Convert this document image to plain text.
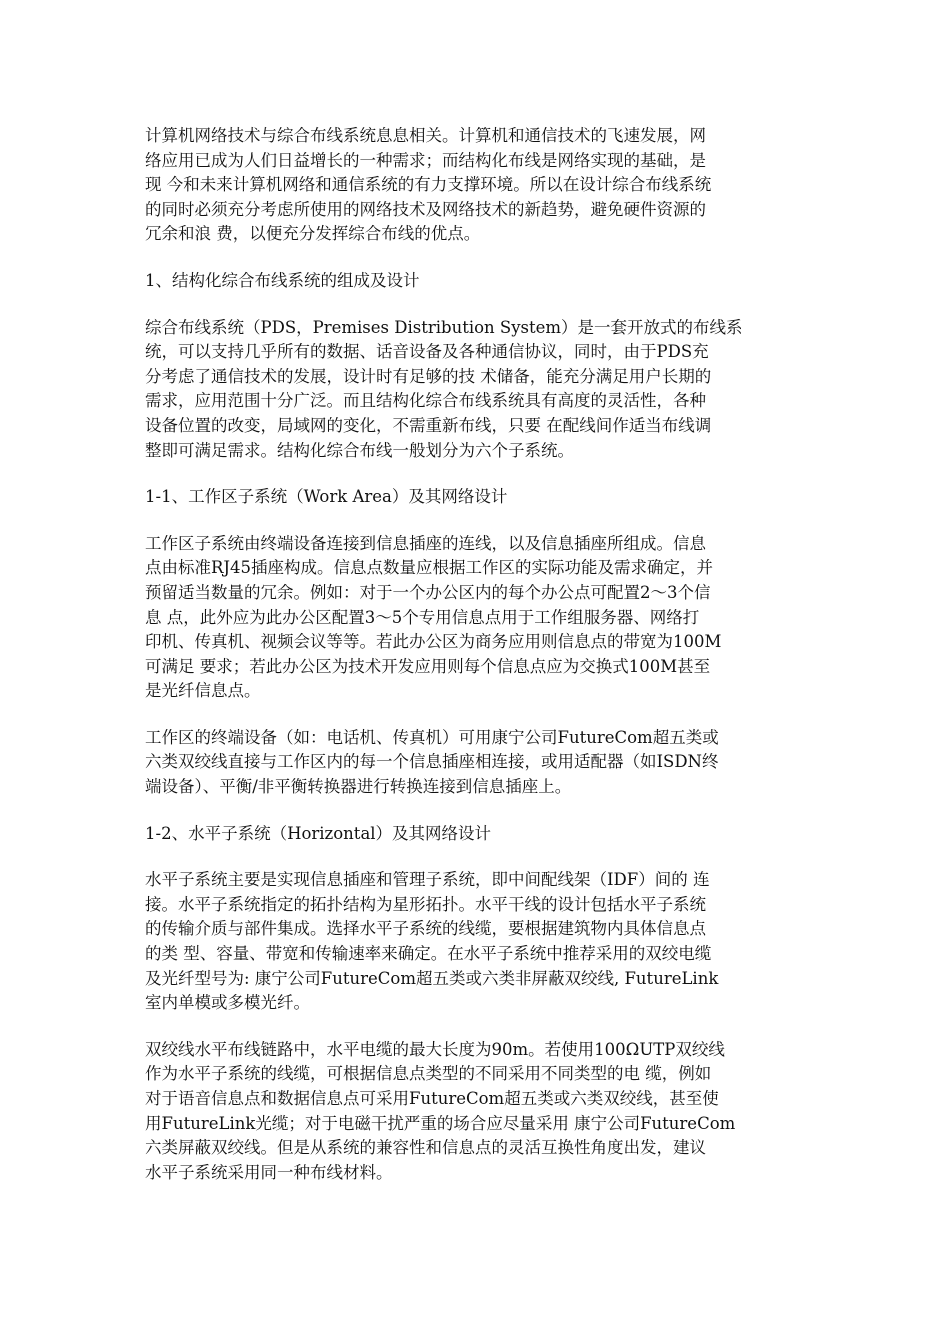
计算机网络技术与综合布线系统息息相关。计算机和通信技术的飞速发展，网
络应用已成为人们日益增长的一种需求；而结构化布线是网络实现的基础，是
现 今和未来计算机网络和通信系统的有力支撑环境。所以在设计综合布线系统
的同时必须充分考虑所使用的网络技术及网络技术的新趋势，避免硬件资源的
冗余和浪 费，以便充分发挥综合布线的优点。
1、结构化综合布线系统的组成及设计
综合布线系统（PDS，Premises Distribution System）是一套开放式的布线系
统，可以支持几乎所有的数据、话音设备及各种通信协议，同时，由于PDS充
分考虑了通信技术的发展，设计时有足够的技 术储备，能充分满足用户长期的
需求，应用范围十分广泛。而且结构化综合布线系统具有高度的灵活性，各种
设备位置的改变，局域网的变化，不需重新布线，只要 在配线间作适当布线调
整即可满足需求。结构化综合布线一般划分为六个子系统。
1-1、工作区子系统（Work Area）及其网络设计
工作区子系统由终端设备连接到信息插座的连线，以及信息插座所组成。信息
点由标准RJ45插座构成。信息点数量应根据工作区的实际功能及需求确定，并
预留适当数量的冗余。例如：对于一个办公区内的每个办公点可配置2～3个信
息 点，此外应为此办公区配置3～5个专用信息点用于工作组服务器、网络打
印机、传真机、视频会议等等。若此办公区为商务应用则信息点的带宽为100M
可满足 要求；若此办公区为技术开发应用则每个信息点应为交换式100M甚至
是光纤信息点。
工作区的终端设备（如：电话机、传真机）可用康宁公司FutureCom超五类或
六类双绞线直接与工作区内的每一个信息插座相连接，或用适配器（如ISDN终
端设备）、平衡/非平衡转换器进行转换连接到信息插座上。
1-2、水平子系统（Horizontal）及其网络设计
水平子系统主要是实现信息插座和管理子系统，即中间配线架（IDF）间的 连
接。水平子系统指定的拓扑结构为星形拓扑。水平干线的设计包括水平子系统
的传输介质与部件集成。选择水平子系统的线缆，要根据建筑物内具体信息点
的类 型、容量、带宽和传输速率来确定。在水平子系统中推荐采用的双绞电缆
及光纤型号为: 康宁公司FutureCom超五类或六类非屏蔽双绞线, FutureLink
室内单模或多模光纤。
双绞线水平布线链路中，水平电缆的最大长度为90m。若使用100ΩUTP双绞线
作为水平子系统的线缆，可根据信息点类型的不同采用不同类型的电 缆，例如
对于语音信息点和数据信息点可采用FutureCom超五类或六类双绞线，甚至使
用FutureLink光缆；对于电磁干扰严重的场合应尽量采用 康宁公司FutureCom
六类屏蔽双绞线。但是从系统的兼容性和信息点的灵活互换性角度出发，建议
水平子系统采用同一种布线材料。
